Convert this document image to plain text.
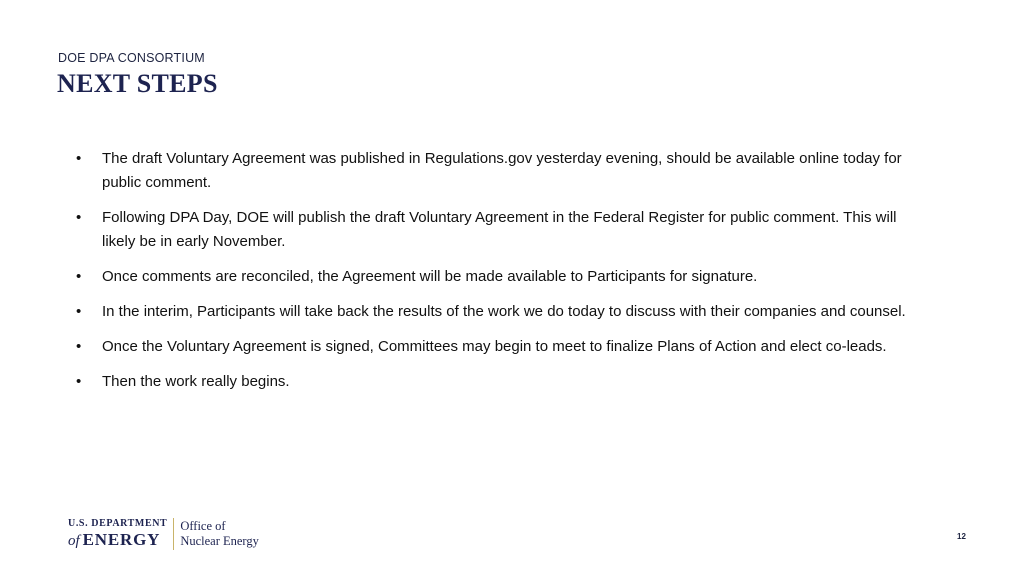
DOE DPA CONSORTIUM
NEXT STEPS
• The draft Voluntary Agreement was published in Regulations.gov yesterday evening, should be available online today for public comment.
• Following DPA Day, DOE will publish the draft Voluntary Agreement in the Federal Register for public comment. This will likely be in early November.
• Once comments are reconciled, the Agreement will be made available to Participants for signature.
• In the interim, Participants will take back the results of the work we do today to discuss with their companies and counsel.
• Once the Voluntary Agreement is signed, Committees may begin to meet to finalize Plans of Action and elect co-leads.
• Then the work really begins.
U.S. DEPARTMENT
of ENERGY
Office of
Nuclear Energy	12
